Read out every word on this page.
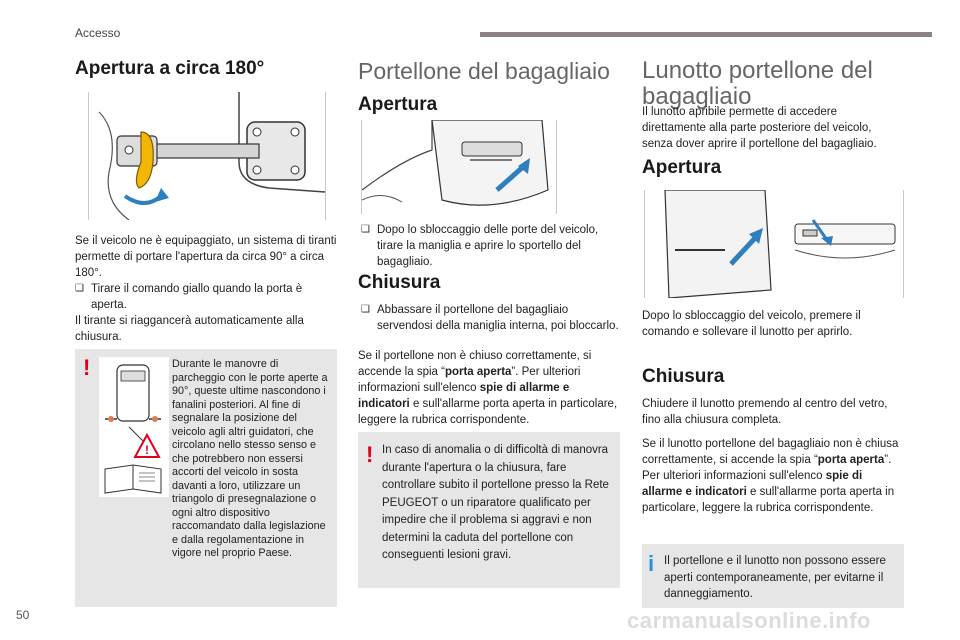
Accesso
Apertura a circa 180°
Se il veicolo ne è equipaggiato, un sistema di tiranti permette di portare l'apertura da circa 90° a circa 180°.
❏ Tirare il comando giallo quando la porta è aperta.
Il tirante si riaggancerà automaticamente alla chiusura.
!
!
Durante le manovre di parcheggio con le porte aperte a 90°, queste ultime nascondono i fanalini posteriori. Al fine di segnalare la posizione del veicolo agli altri guidatori, che circolano nello stesso senso e che potrebbero non essersi accorti del veicolo in sosta davanti a loro, utilizzare un triangolo di presegnalazione o ogni altro dispositivo raccomandato dalla legislazione e dalla regolamentazione in vigore nel proprio Paese.
Portellone del bagagliaio
Apertura
❏ Dopo lo sbloccaggio delle porte del veicolo, tirare la maniglia e aprire lo sportello del bagagliaio.
Chiusura
❏ Abbassare il portellone del bagagliaio servendosi della maniglia interna, poi bloccarlo.
Se il portellone non è chiuso correttamente, si accende la spia “porta aperta”. Per ulteriori informazioni sull'elenco spie di allarme e indicatori e sull'allarme porta aperta in particolare, leggere la rubrica corrispondente.
! In caso di anomalia o di difficoltà di manovra durante l'apertura o la chiusura, fare controllare subito il portellone presso la Rete PEUGEOT o un riparatore qualificato per impedire che il problema si aggravi e non determini la caduta del portellone con conseguenti lesioni gravi.
Lunotto portellone del bagagliaio
Il lunotto apribile permette di accedere direttamente alla parte posteriore del veicolo, senza dover aprire il portellone del bagagliaio.
Apertura
Dopo lo sbloccaggio del veicolo, premere il comando e sollevare il lunotto per aprirlo.
Chiusura
Chiudere il lunotto premendo al centro del vetro, fino alla chiusura completa.
Se il lunotto portellone del bagagliaio non è chiusa correttamente, si accende la spia “porta aperta”. Per ulteriori informazioni sull'elenco spie di allarme e indicatori e sull'allarme porta aperta in particolare, leggere la rubrica corrispondente.
i Il portellone e il lunotto non possono essere aperti contemporaneamente, per evitarne il danneggiamento.
50	carmanualsonline.info
